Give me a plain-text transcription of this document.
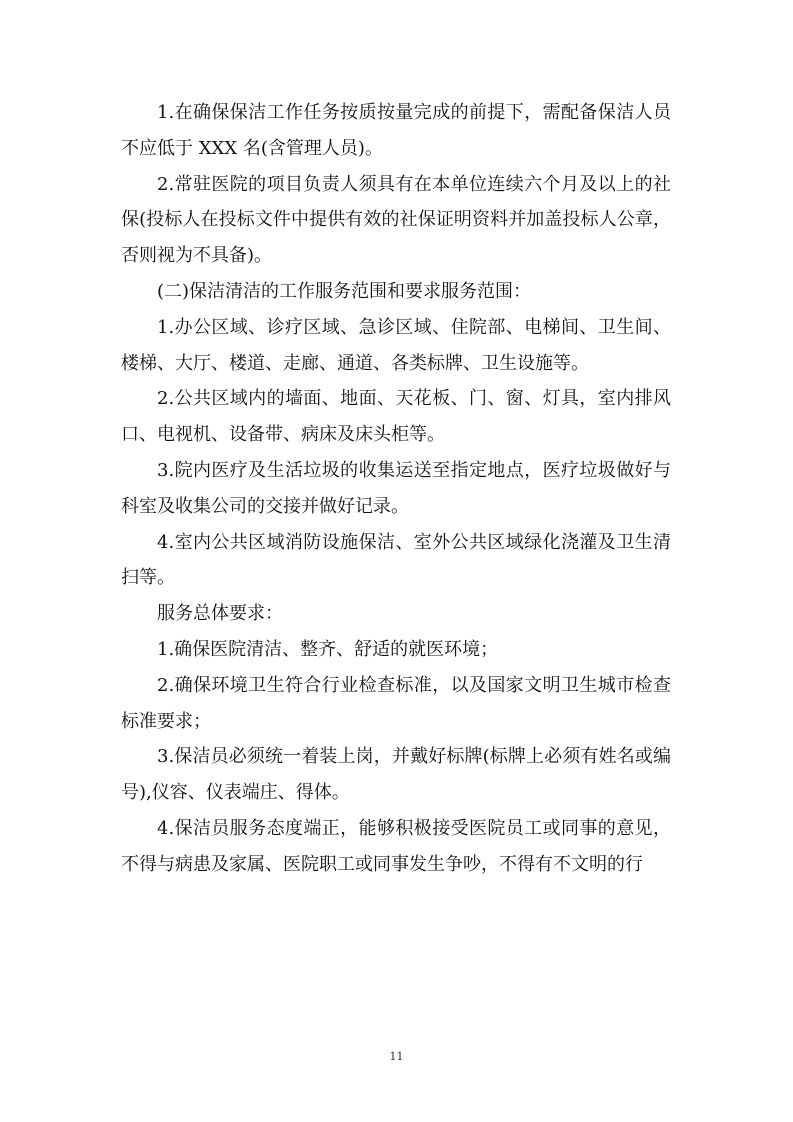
1.在确保保洁工作任务按质按量完成的前提下，需配备保洁人员不应低于 XXX 名(含管理人员)。

2.常驻医院的项目负责人须具有在本单位连续六个月及以上的社保(投标人在投标文件中提供有效的社保证明资料并加盖投标人公章，否则视为不具备)。

(二)保洁清洁的工作服务范围和要求服务范围：

1.办公区域、诊疗区域、急诊区域、住院部、电梯间、卫生间、楼梯、大厅、楼道、走廊、通道、各类标牌、卫生设施等。

2.公共区域内的墙面、地面、天花板、门、窗、灯具，室内排风口、电视机、设备带、病床及床头柜等。

3.院内医疗及生活垃圾的收集运送至指定地点，医疗垃圾做好与科室及收集公司的交接并做好记录。

4.室内公共区域消防设施保洁、室外公共区域绿化浇灌及卫生清扫等。

服务总体要求：

1.确保医院清洁、整齐、舒适的就医环境；

2.确保环境卫生符合行业检查标准，以及国家文明卫生城市检查标准要求；

3.保洁员必须统一着装上岗，并戴好标牌(标牌上必须有姓名或编号),仪容、仪表端庄、得体。

4.保洁员服务态度端正，能够积极接受医院员工或同事的意见，不得与病患及家属、医院职工或同事发生争吵，不得有不文明的行

11
